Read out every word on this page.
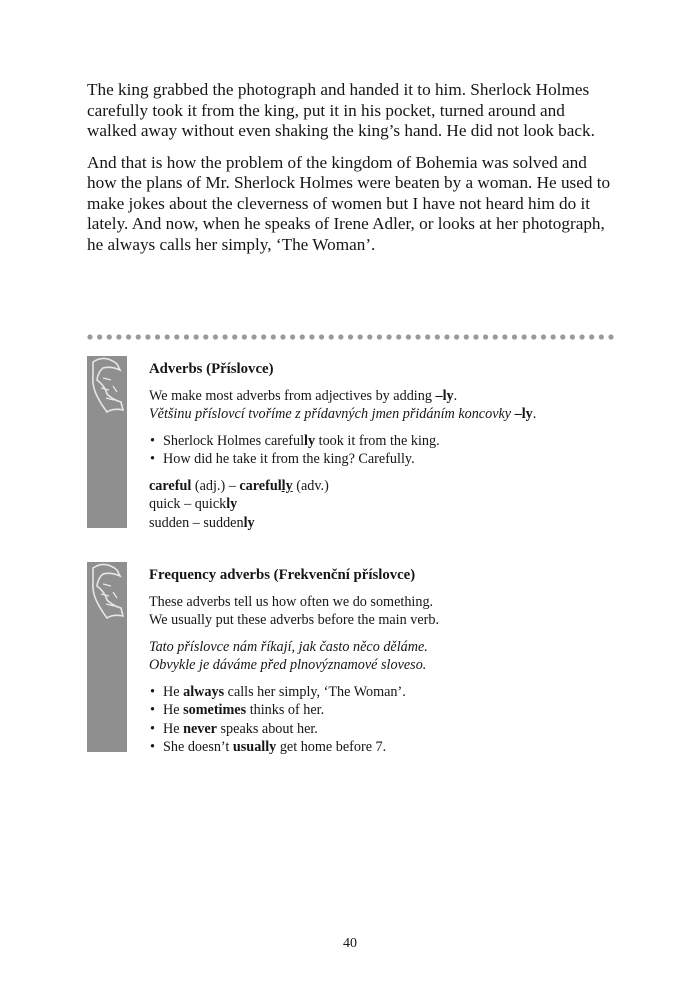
The king grabbed the photograph and handed it to him. Sherlock Holmes carefully took it from the king, put it in his pocket, turned around and walked away without even shaking the king’s hand. He did not look back.

And that is how the problem of the kingdom of Bohemia was solved and how the plans of Mr. Sherlock Holmes were beaten by a woman. He used to make jokes about the cleverness of women but I have not heard him do it lately. And now, when he speaks of Irene Adler, or looks at her photograph, he always calls her simply, ‘The Woman’.

Adverbs (Příslovce)
We make most adverbs from adjectives by adding –ly.
Většinu příslovcí tvoříme z přídavných jmen přidáním koncovky –ly.
• Sherlock Holmes carefully took it from the king.
• How did he take it from the king? Carefully.
careful (adj.) – carefully (adv.)
quick – quickly
sudden – suddenly
Frequency adverbs (Frekvenční příslovce)
These adverbs tell us how often we do something.
We usually put these adverbs before the main verb.
Tato příslovce nám říkají, jak často něco děláme.
Obvykle je dáváme před plnovýznamové sloveso.
• He always calls her simply, ‘The Woman’.
• He sometimes thinks of her.
• He never speaks about her.
• She doesn’t usually get home before 7.
40
